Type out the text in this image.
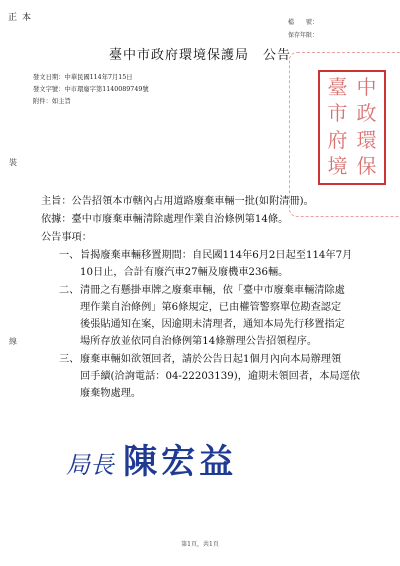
正本	檔　　號：
保存年限：
臺中市政府環境保護局　公告
發文日期：中華民國114年7月15日
發文字號：中市環廢字第1140089749號
附件：如主旨
臺 中
市 政
府 環
境 保
裝
線
主旨：公告招領本市轄內占用道路廢棄車輛一批(如附清冊)。
依據：臺中市廢棄車輛清除處理作業自治條例第14條。
公告事項：
一、 旨揭廢棄車輛移置期間：自民國114年6月2日起至114年7月
10日止，合計有廢汽車27輛及廢機車236輛。
二、 清冊之有懸掛車牌之廢棄車輛，依「臺中市廢棄車輛清除處
理作業自治條例」第6條規定，已由權管警察單位勘查認定
後張貼通知在案，因逾期未清理者，通知本局先行移置指定
場所存放並依同自治條例第14條辦理公告招領程序。
三、 廢棄車輛如欲領回者，請於公告日起1個月內向本局辦理領
回手續(洽詢電話：04-22203139)，逾期未領回者，本局逕依
廢棄物處理。
局長 陳宏益
第1頁，共1頁
